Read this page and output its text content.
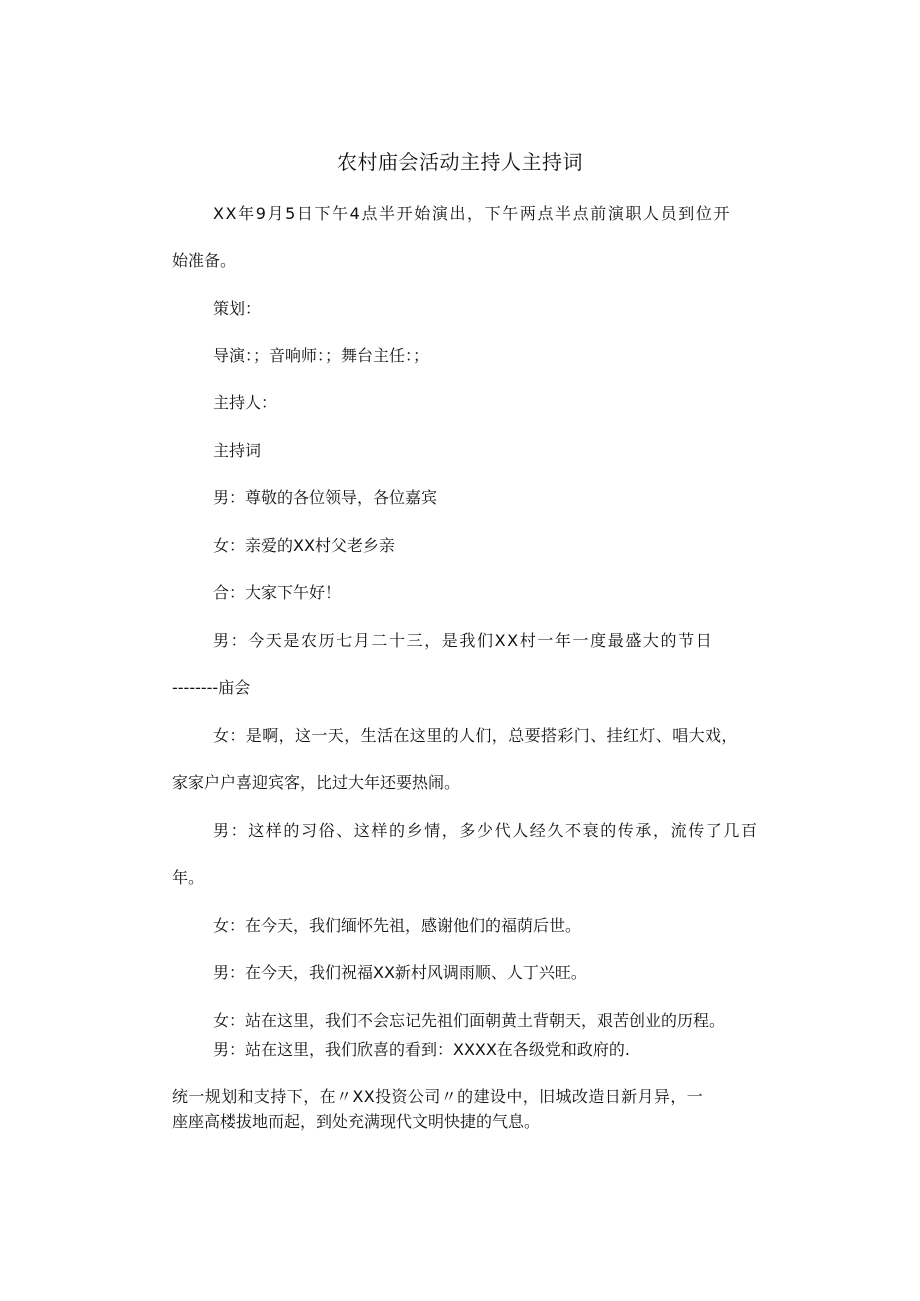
农村庙会活动主持人主持词
XX年9月5日下午4点半开始演出，下午两点半点前演职人员到位开
始准备。
策划：
导演：；音响师：；舞台主任：；
主持人：
主持词
男：尊敬的各位领导，各位嘉宾
女：亲爱的XX村父老乡亲
合：大家下午好！
男：今天是农历七月二十三，是我们XX村一年一度最盛大的节日
--------庙会
女：是啊，这一天，生活在这里的人们，总要搭彩门、挂红灯、唱大戏，
家家户户喜迎宾客，比过大年还要热闹。
男：这样的习俗、这样的乡情，多少代人经久不衰的传承，流传了几百
年。
女：在今天，我们缅怀先祖，感谢他们的福荫后世。
男：在今天，我们祝福XX新村风调雨顺、人丁兴旺。
女：站在这里，我们不会忘记先祖们面朝黄土背朝天，艰苦创业的历程。
男：站在这里，我们欣喜的看到：XXXX在各级党和政府的.
统一规划和支持下，在〃XX投资公司〃的建设中，旧城改造日新月异，一
座座高楼拔地而起，到处充满现代文明快捷的气息。
